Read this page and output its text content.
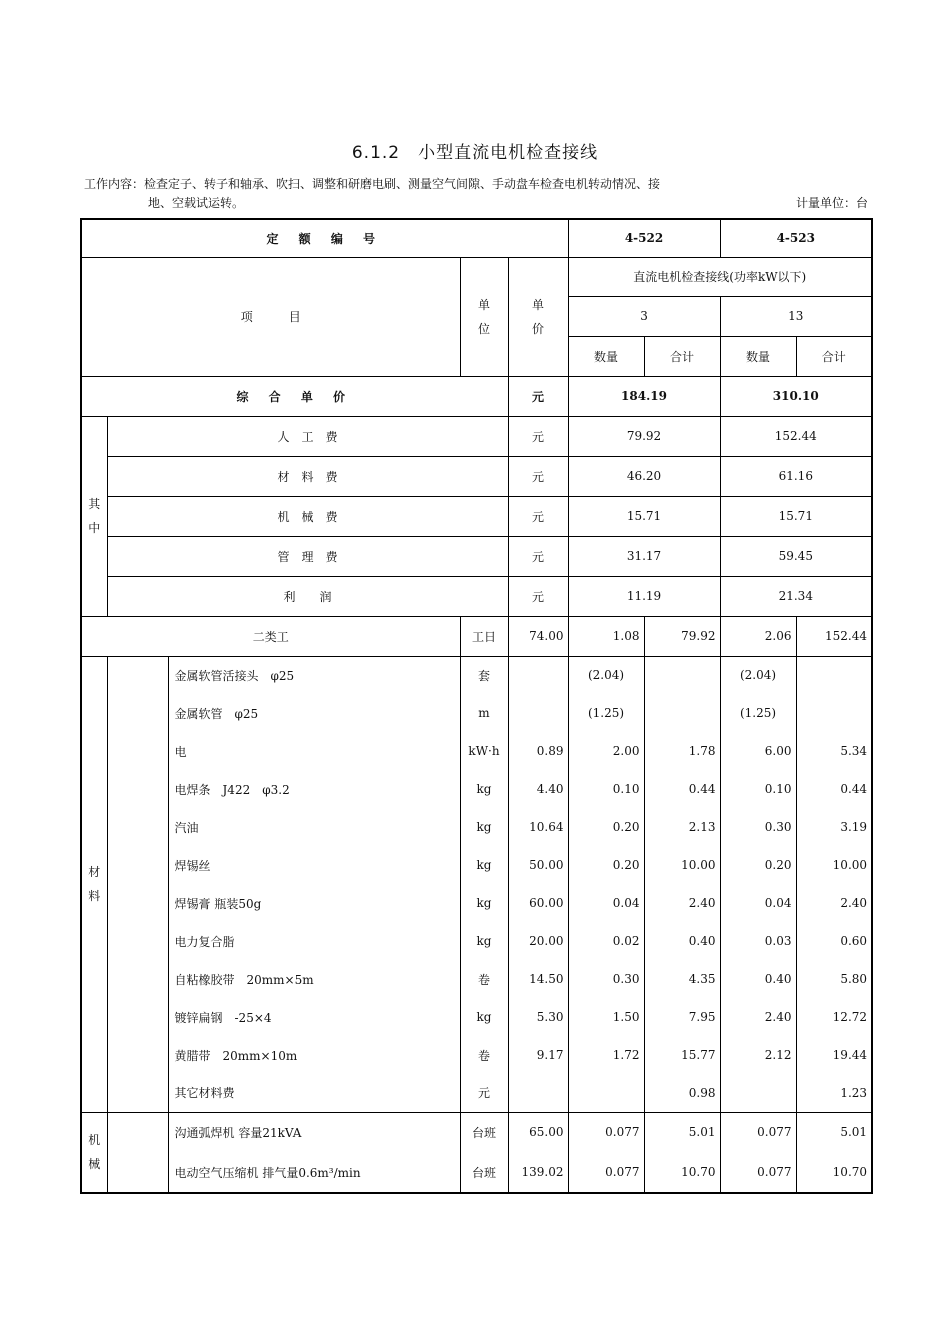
6.1.2　小型直流电机检查接线
工作内容：检查定子、转子和轴承、吹扫、调整和研磨电刷、测量空气间隙、手动盘车检查电机转动情况、接
地、空载试运转。	计量单位：台
定 额 编 号					4-522		4-523	
项　　　目			单位	单价	直流电机检查接线(功率kW以下)			
					3		13	
					数量	合计	数量	合计
综 合 单 价				元	184.19		310.10	
其中	人　工　费			元	79.92		152.44	
	材　料　费			元	46.20		61.16	
	机　械　费			元	15.71		15.71	
	管　理　费			元	31.17		59.45	
	利　　润			元	11.19		21.34	
二类工			工日	74.00	1.08	79.92	2.06	152.44
材料		金属软管活接头　φ25	套		(2.04)		(2.04)	
		金属软管　φ25	m		(1.25)		(1.25)	
		电	kW·h	0.89	2.00	1.78	6.00	5.34
		电焊条　J422　φ3.2	kg	4.40	0.10	0.44	0.10	0.44
		汽油	kg	10.64	0.20	2.13	0.30	3.19
		焊锡丝	kg	50.00	0.20	10.00	0.20	10.00
		焊锡膏 瓶装50g	kg	60.00	0.04	2.40	0.04	2.40
		电力复合脂	kg	20.00	0.02	0.40	0.03	0.60
		自粘橡胶带　20mm×5m	卷	14.50	0.30	4.35	0.40	5.80
		镀锌扁钢　-25×4	kg	5.30	1.50	7.95	2.40	12.72
		黄腊带　20mm×10m	卷	9.17	1.72	15.77	2.12	19.44
		其它材料费	元			0.98		1.23
机械		沟通弧焊机 容量21kVA	台班	65.00	0.077	5.01	0.077	5.01
		电动空气压缩机 排气量0.6m³/min	台班	139.02	0.077	10.70	0.077	10.70
